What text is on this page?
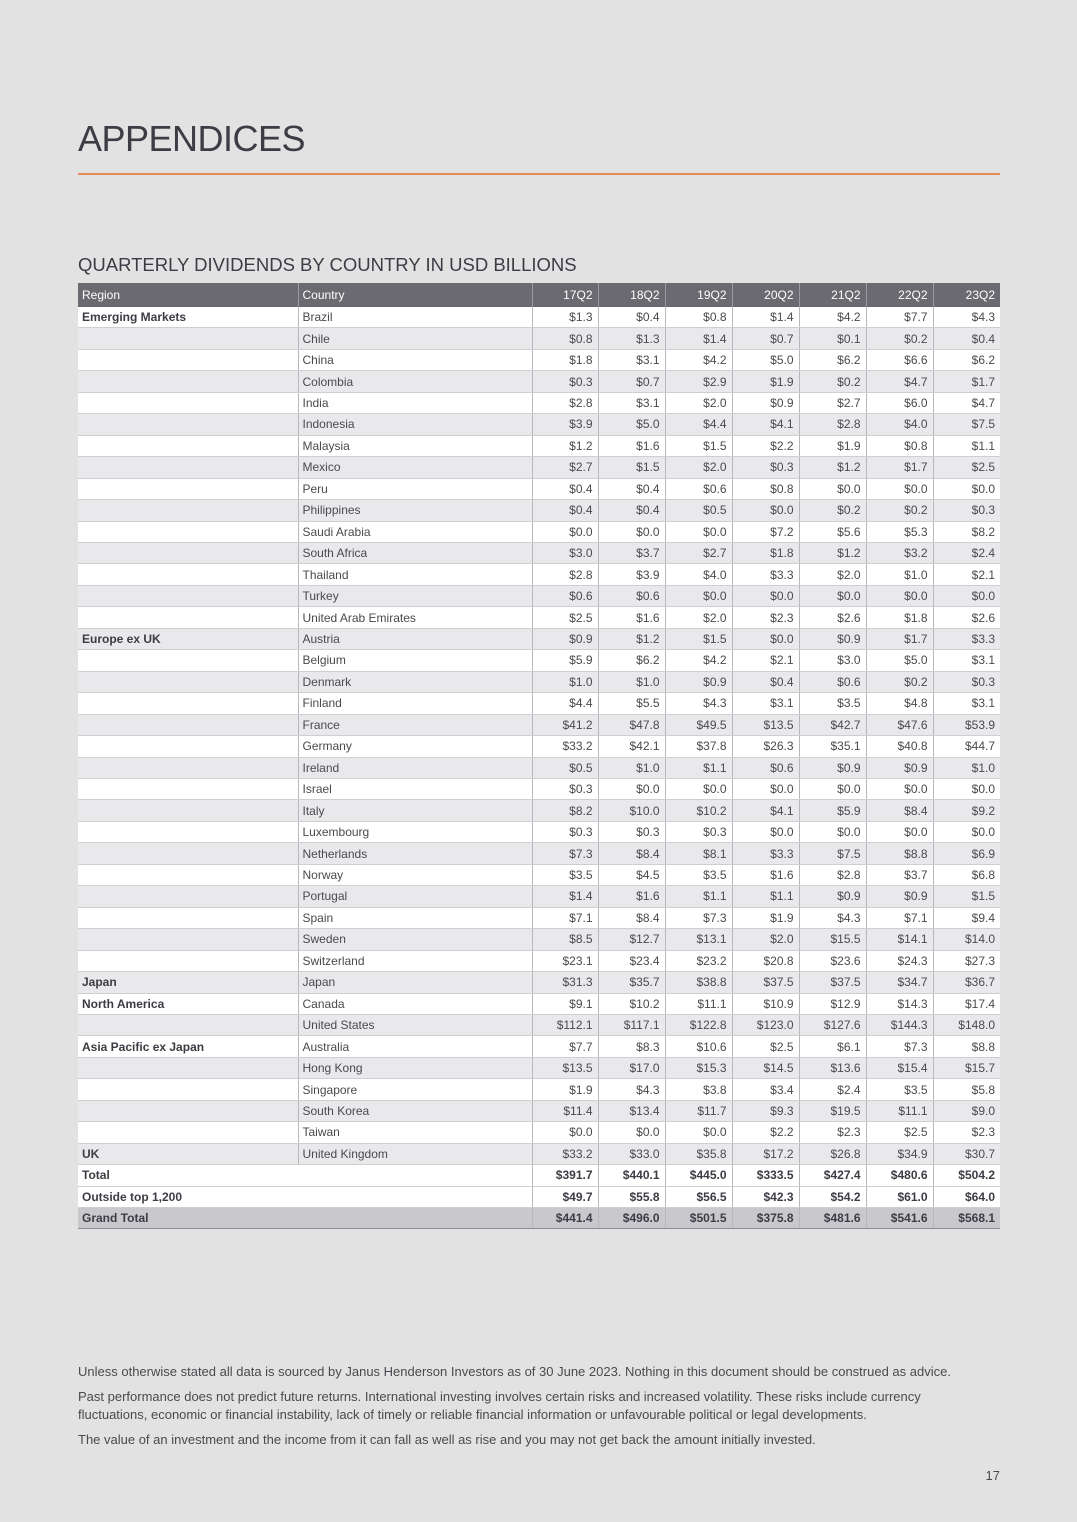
APPENDICES
QUARTERLY DIVIDENDS BY COUNTRY IN USD BILLIONS
Region	Country	17Q2	18Q2	19Q2	20Q2	21Q2	22Q2	23Q2
Emerging Markets	Brazil	$1.3	$0.4	$0.8	$1.4	$4.2	$7.7	$4.3
	Chile	$0.8	$1.3	$1.4	$0.7	$0.1	$0.2	$0.4
	China	$1.8	$3.1	$4.2	$5.0	$6.2	$6.6	$6.2
	Colombia	$0.3	$0.7	$2.9	$1.9	$0.2	$4.7	$1.7
	India	$2.8	$3.1	$2.0	$0.9	$2.7	$6.0	$4.7
	Indonesia	$3.9	$5.0	$4.4	$4.1	$2.8	$4.0	$7.5
	Malaysia	$1.2	$1.6	$1.5	$2.2	$1.9	$0.8	$1.1
	Mexico	$2.7	$1.5	$2.0	$0.3	$1.2	$1.7	$2.5
	Peru	$0.4	$0.4	$0.6	$0.8	$0.0	$0.0	$0.0
	Philippines	$0.4	$0.4	$0.5	$0.0	$0.2	$0.2	$0.3
	Saudi Arabia	$0.0	$0.0	$0.0	$7.2	$5.6	$5.3	$8.2
	South Africa	$3.0	$3.7	$2.7	$1.8	$1.2	$3.2	$2.4
	Thailand	$2.8	$3.9	$4.0	$3.3	$2.0	$1.0	$2.1
	Turkey	$0.6	$0.6	$0.0	$0.0	$0.0	$0.0	$0.0
	United Arab Emirates	$2.5	$1.6	$2.0	$2.3	$2.6	$1.8	$2.6
Europe ex UK	Austria	$0.9	$1.2	$1.5	$0.0	$0.9	$1.7	$3.3
	Belgium	$5.9	$6.2	$4.2	$2.1	$3.0	$5.0	$3.1
	Denmark	$1.0	$1.0	$0.9	$0.4	$0.6	$0.2	$0.3
	Finland	$4.4	$5.5	$4.3	$3.1	$3.5	$4.8	$3.1
	France	$41.2	$47.8	$49.5	$13.5	$42.7	$47.6	$53.9
	Germany	$33.2	$42.1	$37.8	$26.3	$35.1	$40.8	$44.7
	Ireland	$0.5	$1.0	$1.1	$0.6	$0.9	$0.9	$1.0
	Israel	$0.3	$0.0	$0.0	$0.0	$0.0	$0.0	$0.0
	Italy	$8.2	$10.0	$10.2	$4.1	$5.9	$8.4	$9.2
	Luxembourg	$0.3	$0.3	$0.3	$0.0	$0.0	$0.0	$0.0
	Netherlands	$7.3	$8.4	$8.1	$3.3	$7.5	$8.8	$6.9
	Norway	$3.5	$4.5	$3.5	$1.6	$2.8	$3.7	$6.8
	Portugal	$1.4	$1.6	$1.1	$1.1	$0.9	$0.9	$1.5
	Spain	$7.1	$8.4	$7.3	$1.9	$4.3	$7.1	$9.4
	Sweden	$8.5	$12.7	$13.1	$2.0	$15.5	$14.1	$14.0
	Switzerland	$23.1	$23.4	$23.2	$20.8	$23.6	$24.3	$27.3
Japan	Japan	$31.3	$35.7	$38.8	$37.5	$37.5	$34.7	$36.7
North America	Canada	$9.1	$10.2	$11.1	$10.9	$12.9	$14.3	$17.4
	United States	$112.1	$117.1	$122.8	$123.0	$127.6	$144.3	$148.0
Asia Pacific ex Japan	Australia	$7.7	$8.3	$10.6	$2.5	$6.1	$7.3	$8.8
	Hong Kong	$13.5	$17.0	$15.3	$14.5	$13.6	$15.4	$15.7
	Singapore	$1.9	$4.3	$3.8	$3.4	$2.4	$3.5	$5.8
	South Korea	$11.4	$13.4	$11.7	$9.3	$19.5	$11.1	$9.0
	Taiwan	$0.0	$0.0	$0.0	$2.2	$2.3	$2.5	$2.3
UK	United Kingdom	$33.2	$33.0	$35.8	$17.2	$26.8	$34.9	$30.7
Total		$391.7	$440.1	$445.0	$333.5	$427.4	$480.6	$504.2
Outside top 1,200		$49.7	$55.8	$56.5	$42.3	$54.2	$61.0	$64.0
Grand Total		$441.4	$496.0	$501.5	$375.8	$481.6	$541.6	$568.1

Unless otherwise stated all data is sourced by Janus Henderson Investors as of 30 June 2023. Nothing in this document should be construed as advice.

Past performance does not predict future returns. International investing involves certain risks and increased volatility. These risks include currency fluctuations, economic or financial instability, lack of timely or reliable financial information or unfavourable political or legal developments.

The value of an investment and the income from it can fall as well as rise and you may not get back the amount initially invested.

17
